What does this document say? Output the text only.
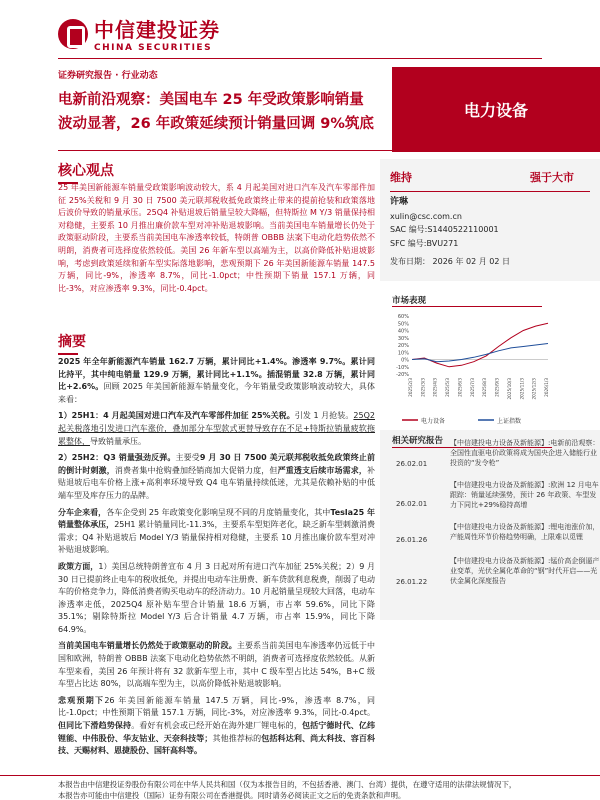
中信建投证券
CHINA SECURITIES
证券研究报告 · 行业动态
电新前沿观察：美国电车 25 年受政策影响销量波动显著，26 年政策延续预计销量回调 9%筑底
电力设备
核心观点
25 年美国新能源车销量受政策影响波动较大，系 4 月起美国对进口汽车及汽车零部件加征 25%关税和 9 月 30 日 7500 美元联邦税收抵免政策终止带来的提前抢装和政策落地后波价导致的销量承压。25Q4 补贴退坡后销量呈较大降幅，但特斯拉 M Y/3 销量保持相对稳健，主要系 10 月推出廉价款车型对冲补贴退坡影响。当前美国电车销量增长仍处于政策驱动阶段，主要系当前美国电车渗透率较低，特朗普 OBBB 法案下电动化趋势依然不明朗，消费者可选择度依然较低。美国 26 年新车型以高端为主，以高价降低补贴退坡影响，考虑到政策延续和新车型实际落地影响，悲观预期下 26 年美国新能源车销量 147.5 万辆，同比-9%，渗透率 8.7%，同比-1.0pct；中性预期下销量 157.1 万辆，同比-3%，对应渗透率 9.3%，同比-0.4pct。
摘要

2025 年全年新能源汽车销量 162.7 万辆，累计同比+1.4%。渗透率 9.7%。累计同比持平，其中纯电销量 129.9 万辆，累计同比+1.1%。插混销量 32.8 万辆，累计同比+2.6%。回顾 2025 年美国新能源车销量变化，今年销量受政策影响波动较大，具体来看：

1）25H1：4 月起美国对进口汽车及汽车零部件加征 25%关税。引发 1 月抢装。25Q2 起关税落地引发进口汽车涨价，叠加部分车型款式更替导致存在不足+特斯拉销量疲软拖累整体，导致销量承压。

2）25H2：Q3 销量强劲反弹。主要受9 月 30 日 7500 美元联邦税收抵免政策终止前的倒计时刺激，消费者集中抢购叠加经销商加大促销力度，但严重透支后续市场需求，补贴退坡后电车价格上涨+高利率环境导致 Q4 电车销量持续低迷，尤其是依赖补贴的中低端车型及库存压力的品牌。

分车企来看，各车企受到 25 年政策变化影响呈现不同的月度销量变化，其中Tesla25 年销量整体承压，25H1 累计销量同比-11.3%，主要系车型矩阵老化，缺乏新车型刺激消费需求；Q4 补贴退坡后 Model Y/3 销量保持相对稳健，主要系 10 月推出廉价款车型对冲补贴退坡影响。

政策方面，1）美国总统特朗普宣布 4 月 3 日起对所有进口汽车加征 25%关税；2）9 月 30 日已提前终止电车的税收抵免，并提出电动车注册费、新车贷款利息税费，削弱了电动车的价格竞争力，降低消费者购买电动车的经济动力。10 月起销量呈现较大回落，电动车渗透率走低，2025Q4 原补贴车型合计销量 18.6 万辆，市占率 59.6%，同比下降 35.1%；剔除特斯拉 Model Y/3 后合计销量 4.7 万辆，市占率 15.9%，同比下降 64.9%。

当前美国电车销量增长仍然处于政策驱动的阶段。主要系当前美国电车渗透率仍远低于中国和欧洲，特朗普 OBBB 法案下电动化趋势依然不明朗，消费者可选择度依然较低。从新车型来看，美国 26 年预计将有 32 款新车型上市，其中 C 级车型占比达 54%，B+C 级车型占比达 80%，以高端车型为主，以高价降低补贴退坡影响。

悲观预期下26 年美国新能源车销量 147.5 万辆，同比-9%，渗透率 8.7%，同比-1.0pct；中性预期下销量 157.1 万辆，同比-3%，对应渗透率 9.3%，同比-0.4pct。但同比下滑趋势保持。看好有机会或已经开始在海外建厂锂电标的，包括宁德时代、亿纬锂能、中伟股份、华友钴业、天奈科技等；其他推荐标的包括科达利、尚太科技、容百科技、天赐材料、恩捷股份、国轩高科等。

维持	强于大市
许琳
xulin@csc.com.cn
SAC 编号:S1440522110001
SFC 编号:BVU271
发布日期： 2026 年 02 月 02 日
市场表现
60%
50%
40%
30%
20%
10%
0%
-10%
-20%
2025/2/3 2025/3/3 2025/4/3 2025/5/3 2025/6/3 2025/7/3 2025/8/3 2025/9/3 2025/10/3 2025/11/3 2025/12/3 2026/1/3
电力设备	上证指数
相关研究报告
26.02.01
【中信建投电力设备及新能源】:电新前沿观察：全国性直驱电价政策将成为国央企进入储能行业投资的“发令枪”
26.02.01
【中信建投电力设备及新能源】:欧洲 12 月电车跟踪：销量延续强势，预计 26 年政策、车型发力下同比+29%稳持高增
26.01.26
【中信建投电力设备及新能源】:锂电池涨价加，产能周性环节价格趋势明确，上限难以觅锂
26.01.22
【中信建投电力设备及新能源】:锰价高企倒逼产业变革，光伏全属化革命的“钢”时代开启——光伏金属化深度报告
本报告由中信建投证券股份有限公司在中华人民共和国（仅为本报告目的，不包括香港、澳门、台湾）提供，在遵守适用的法律法规情况下，
本报告亦可能由中信建投（国际）证券有限公司在香港提供。同时请务必阅读正文之后的免责条款和声明。
